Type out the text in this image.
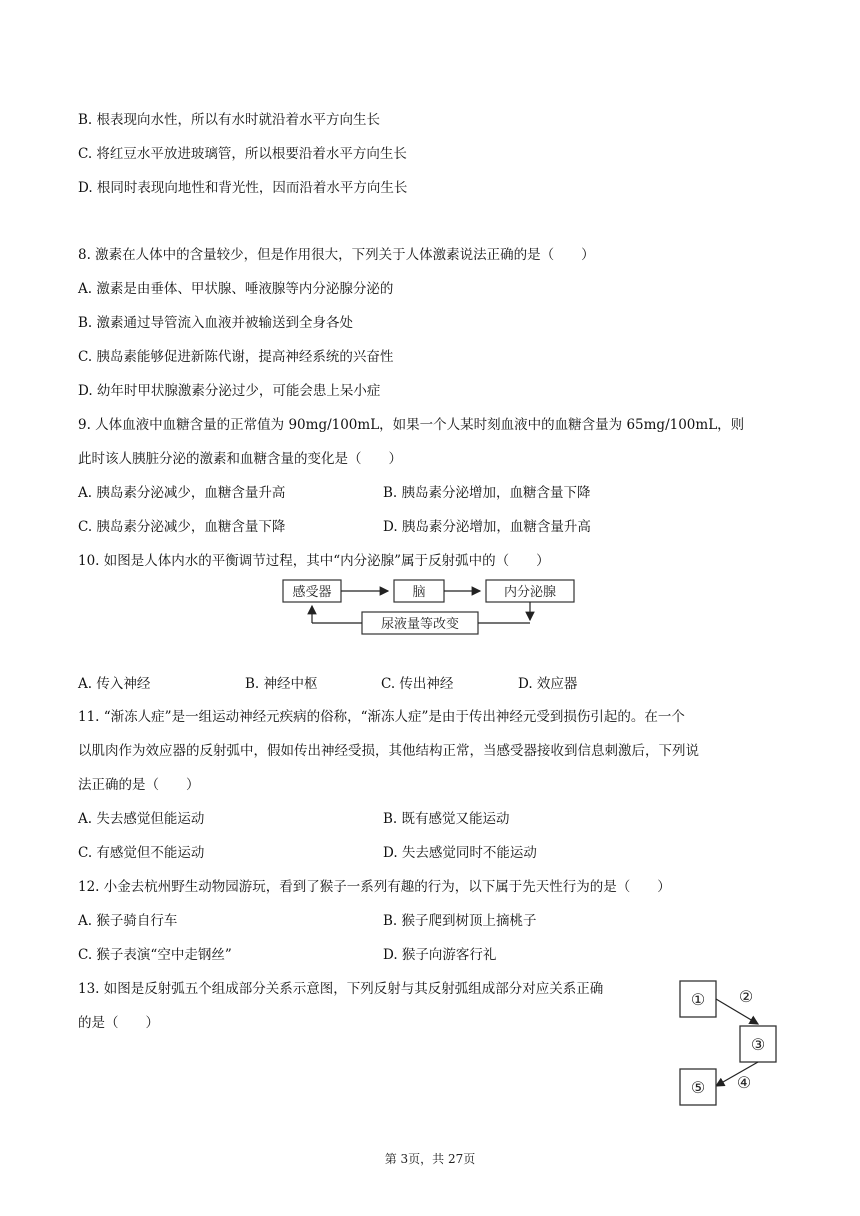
B. 根表现向水性，所以有水时就沿着水平方向生长
C. 将红豆水平放进玻璃管，所以根要沿着水平方向生长
D. 根同时表现向地性和背光性，因而沿着水平方向生长
8. 激素在人体中的含量较少，但是作用很大，下列关于人体激素说法正确的是（　　）
A. 激素是由垂体、甲状腺、唾液腺等内分泌腺分泌的
B. 激素通过导管流入血液并被输送到全身各处
C. 胰岛素能够促进新陈代谢，提高神经系统的兴奋性
D. 幼年时甲状腺激素分泌过少，可能会患上呆小症
9. 人体血液中血糖含量的正常值为 90mg/100mL，如果一个人某时刻血液中的血糖含量为 65mg/100mL，则
此时该人胰脏分泌的激素和血糖含量的变化是（　　）
A. 胰岛素分泌减少，血糖含量升高	B. 胰岛素分泌增加，血糖含量下降
C. 胰岛素分泌减少，血糖含量下降	D. 胰岛素分泌增加，血糖含量升高
10. 如图是人体内水的平衡调节过程，其中“内分泌腺”属于反射弧中的（　　）
感受器	脑	内分泌腺
尿液量等改变
A. 传入神经	B. 神经中枢	C. 传出神经	D. 效应器
11. “渐冻人症”是一组运动神经元疾病的俗称，“渐冻人症”是由于传出神经元受到损伤引起的。在一个
以肌肉作为效应器的反射弧中，假如传出神经受损，其他结构正常，当感受器接收到信息刺激后，下列说
法正确的是（　　）
A. 失去感觉但能运动	B. 既有感觉又能运动
C. 有感觉但不能运动	D. 失去感觉同时不能运动
12. 小金去杭州野生动物园游玩，看到了猴子一系列有趣的行为，以下属于先天性行为的是（　　）
A. 猴子骑自行车	B. 猴子爬到树顶上摘桃子
C. 猴子表演“空中走钢丝”	D. 猴子向游客行礼
13. 如图是反射弧五个组成部分关系示意图，下列反射与其反射弧组成部分对应关系正确
的是（　　）
① ②
③
④
⑤
第 3页，共 27页
